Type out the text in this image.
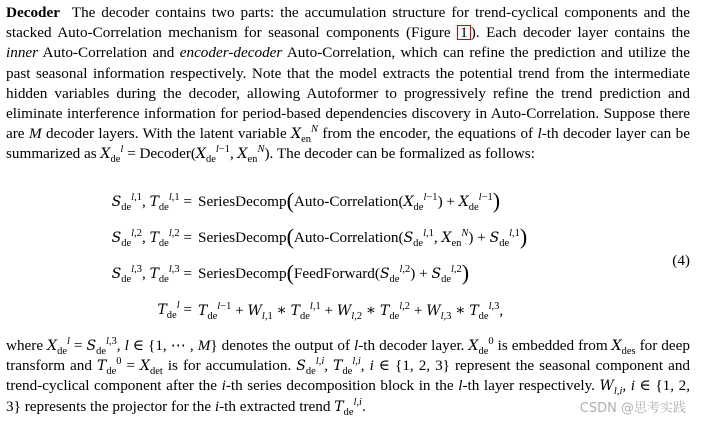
Decoder The decoder contains two parts: the accumulation structure for trend-cyclical components and the stacked Auto-Correlation mechanism for seasonal components (Figure 1 ). Each decoder layer contains the inner Auto-Correlation and encoder-decoder Auto-Correlation, which can refine the prediction and utilize the past seasonal information respectively. Note that the model extracts the potential trend from the intermediate hidden variables during the decoder, allowing Autoformer to progressively refine the trend prediction and eliminate interference information for period-based dependencies discovery in Auto-Correlation. Suppose there are M decoder layers. With the latent variable $X_{en}^N$ from the encoder, the equations of l-th decoder layer can be summarized as $X_{de}^l$ = $Decoder(X_{de}^{l-1}$, $X_{en}^N$). The decoder can be formalized as follows:

$S_{de}^{l,1}$, $T_{de}^{l,1}$ = $SeriesDecomp(Auto-Correlation(X_{de}^{l-1}) + X_{de}^{l-1})$
$S_{de}^{l,2}$, $T_{de}^{l,2}$ = $SeriesDecomp(Auto-Correlation(S_{de}^{l,1}$, $X_{en}^N) + S_{de}^{l,1}$)
$S_{de}^{l,3}$, $T_{de}^{l,3}$ = $SeriesDecomp(FeedForward(S_{de}^{l,2}) + S_{de}^{l,2})$
$T_{de}^l = T_{de}^{l-1} + W_{l,1}$ ∗ $T_{de}^{l,1} + W_{l,2}$ ∗ $T_{de}^{l,2} + W_{l,3}$ ∗ $T_{de}^{l,3}$,
(4)

where $X_{de}^l = S_{de}^{l,3}$, l ∈ {1, ⋯ , M} denotes the output of l-th decoder layer. $X_{de}^0$ is embedded from $X_{des}$ for deep transform and $T_{de}^0 = X_{det}$ is for accumulation. $S_{de}^{l,i}$, $T_{de}^{l,i}$, i ∈ {1, 2, 3} represent the seasonal component and trend-cyclical component after the i-th series decomposition block in the l-th layer respectively. $W_{l,i}$, i ∈ {1, 2, 3} represents the projector for the i-th extracted trend $T_{de}^{l,i}$.	CSDN @思考实践
